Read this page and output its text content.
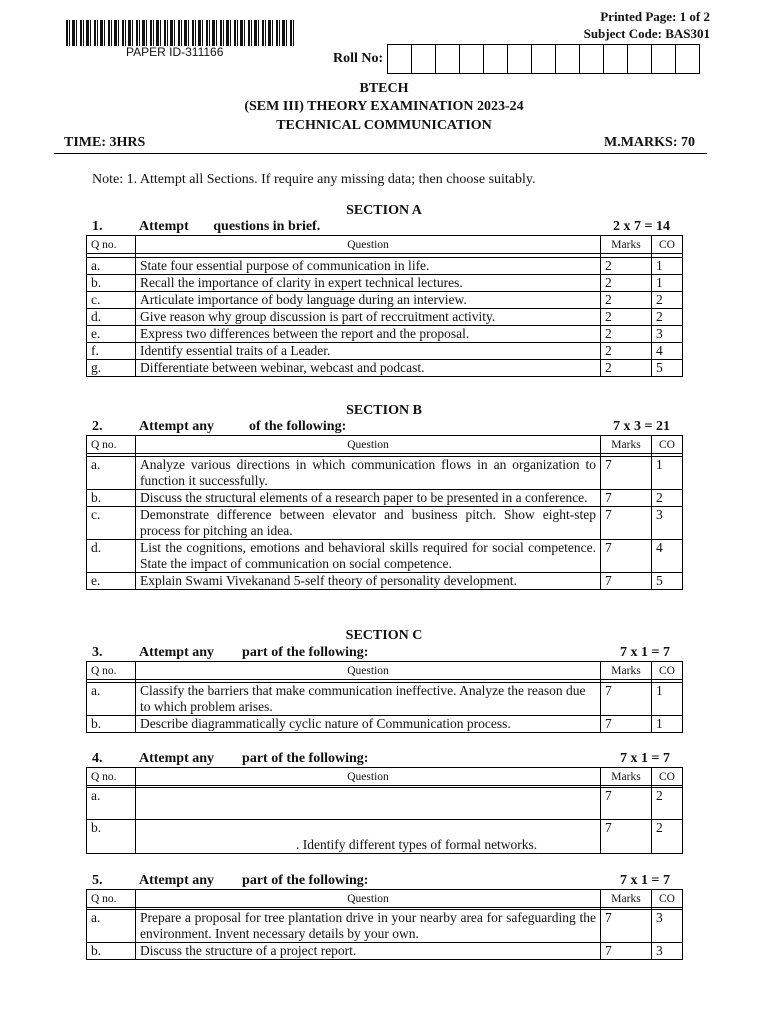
PAPER ID-311166
Printed Page: 1 of 2
Subject Code: BAS301
Roll No:
BTECH
(SEM III) THEORY EXAMINATION 2023-24
TECHNICAL COMMUNICATION
TIME: 3HRS	M.MARKS: 70
Note: 1. Attempt all Sections. If require any missing data; then choose suitably.
SECTION A
1.	Attempt       questions in brief.	2 x 7 = 14
Q no.	Question	Marks	CO

a.	State four essential purpose of communication in life.	2	1
b.	Recall the importance of clarity in expert technical lectures.	2	1
c.	Articulate importance of body language during an interview.	2	2
d.	Give reason why group discussion is part of reccruitment activity.	2	2
e.	Express two differences between the report and the proposal.	2	3
f.	Identify essential traits of a Leader.	2	4
g.	Differentiate between webinar, webcast and podcast.	2	5
SECTION B
2.	Attempt any          of the following:	7 x 3 = 21
Q no.	Question	Marks	CO

a.	Analyze various directions in which communication flows in an organization to function it successfully.	7	1
b.	Discuss the structural elements of a research paper to be presented in a conference.	7	2
c.	Demonstrate difference between elevator and business pitch. Show eight-step process for pitching an idea.	7	3
d.	List the cognitions, emotions and behavioral skills required for social competence. State the impact of communication on social competence.	7	4
e.	Explain Swami Vivekanand 5-self theory of personality development.	7	5
SECTION C
3.	Attempt any        part of the following:	7 x 1 = 7
Q no.	Question	Marks	CO

a.	Classify the barriers that make communication ineffective. Analyze the reason due to which problem arises.	7	1
b.	Describe diagrammatically cyclic nature of Communication process.	7	1
4.	Attempt any        part of the following:	7 x 1 = 7
Q no.	Question	Marks	CO

a.		7	2
b.	. Identify different types of formal networks.	7	2
5.	Attempt any        part of the following:	7 x 1 = 7
Q no.	Question	Marks	CO

a.	Prepare a proposal for tree plantation drive in your nearby area for safeguarding the environment. Invent necessary details by your own.	7	3
b.	Discuss the structure of a project report.	7	3
